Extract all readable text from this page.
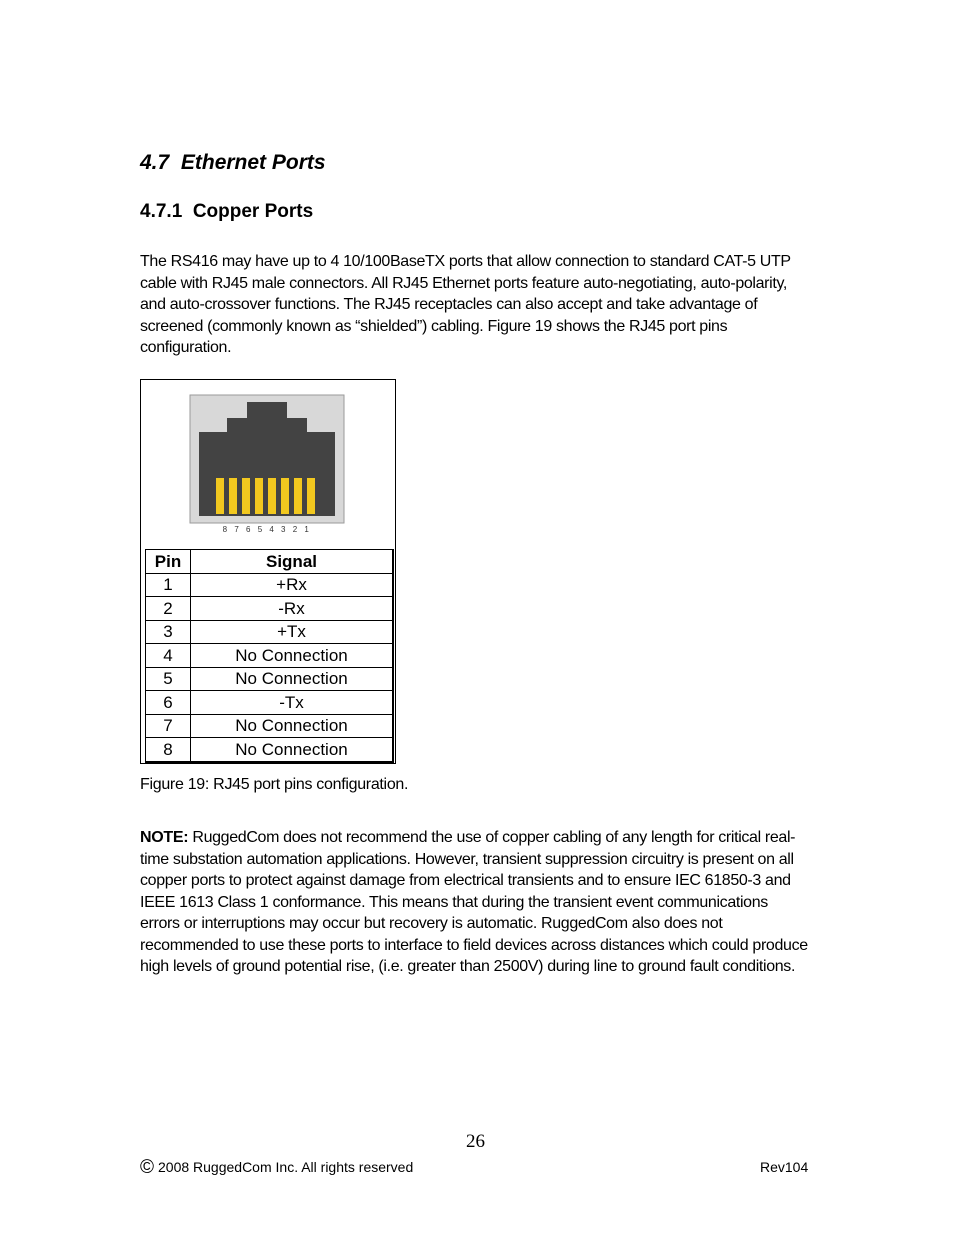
4.7 Ethernet Ports
4.7.1 Copper Ports

The RS416 may have up to 4 10/100BaseTX ports that allow connection to standard CAT-5 UTP
cable with RJ45 male connectors. All RJ45 Ethernet ports feature auto-negotiating, auto-polarity,
and auto-crossover functions. The RJ45 receptacles can also accept and take advantage of
screened (commonly known as “shielded”) cabling. Figure 19 shows the RJ45 port pins
configuration.

8 7 6 5 4 3 2 1
Pin	Signal
1	+Rx
2	-Rx
3	+Tx
4	No Connection
5	No Connection
6	-Tx
7	No Connection
8	No Connection

Figure 19: RJ45 port pins configuration.

NOTE: RuggedCom does not recommend the use of copper cabling of any length for critical real-
time substation automation applications. However, transient suppression circuitry is present on all
copper ports to protect against damage from electrical transients and to ensure IEC 61850-3 and
IEEE 1613 Class 1 conformance. This means that during the transient event communications
errors or interruptions may occur but recovery is automatic. RuggedCom also does not
recommended to use these ports to interface to field devices across distances which could produce
high levels of ground potential rise, (i.e. greater than 2500V) during line to ground fault conditions.

26

© 2008 RuggedCom Inc. All rights reserved	Rev104
